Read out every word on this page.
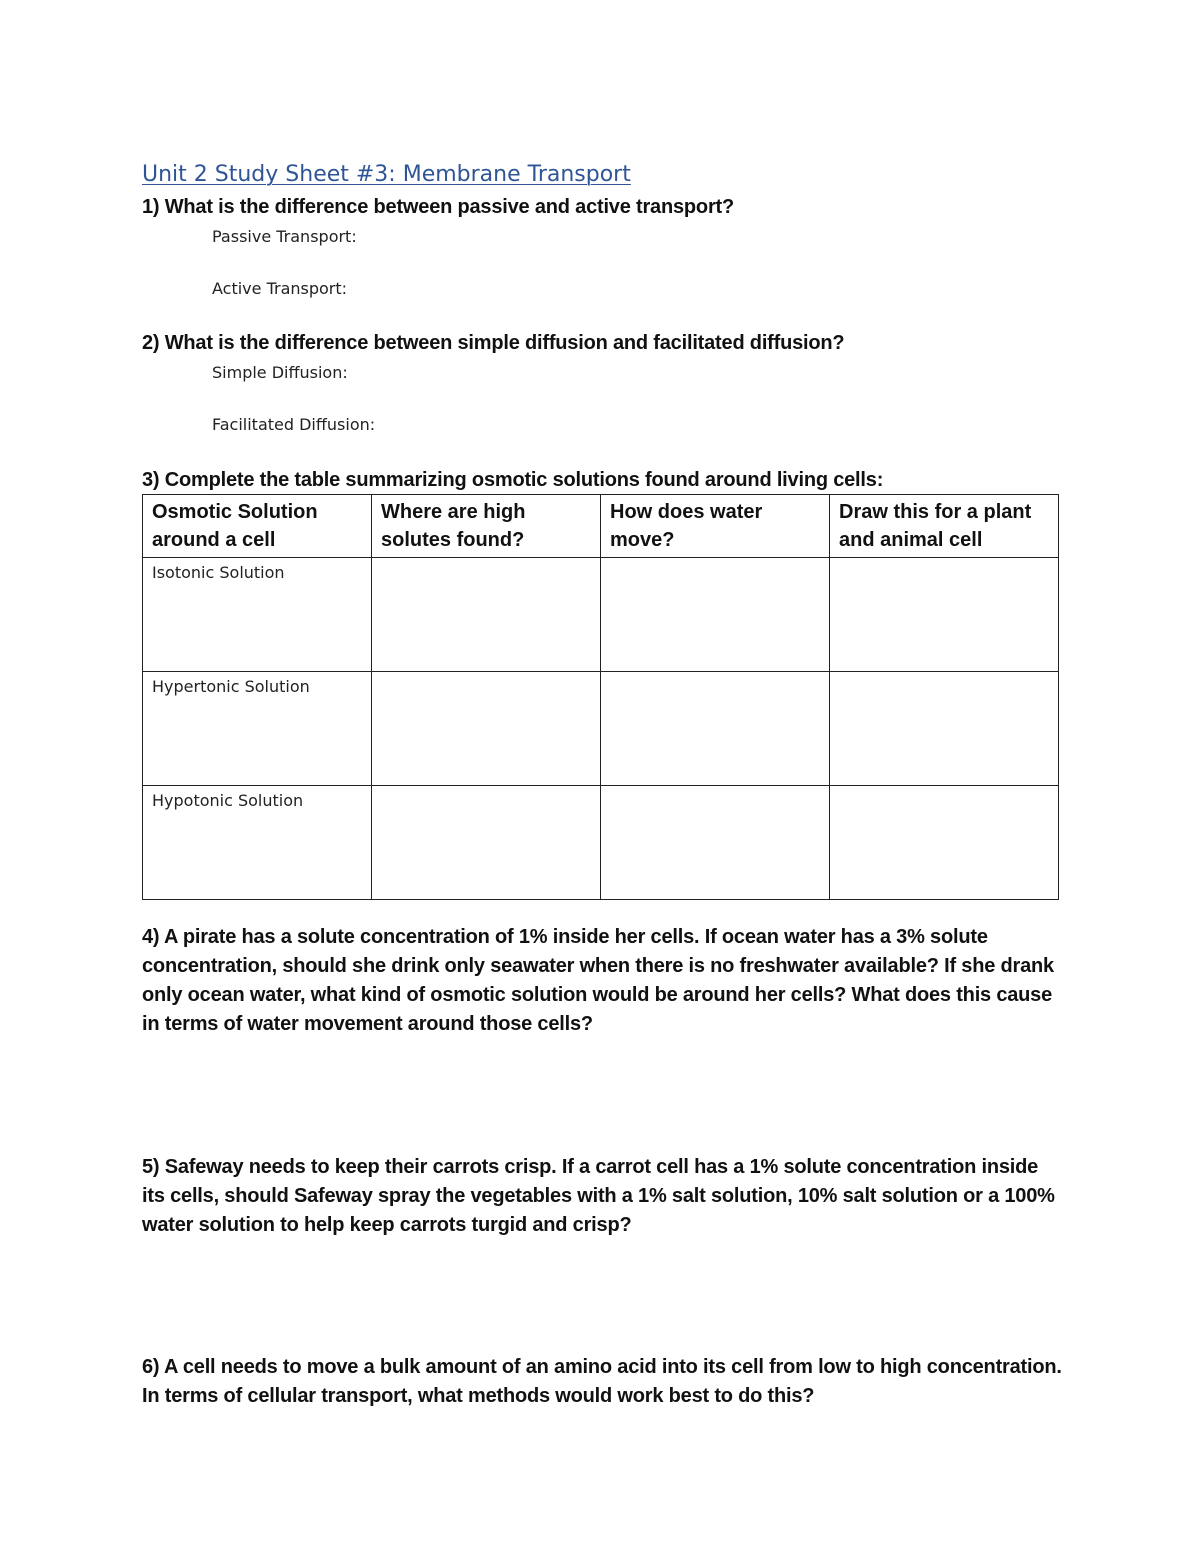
Unit 2 Study Sheet #3: Membrane Transport
1) What is the difference between passive and active transport?
Passive Transport:
Active Transport:
2) What is the difference between simple diffusion and facilitated diffusion?
Simple Diffusion:
Facilitated Diffusion:
3) Complete the table summarizing osmotic solutions found around living cells:
Osmotic Solution around a cell	Where are high solutes found?	How does water move?	Draw this for a plant and animal cell
Isotonic Solution			
Hypertonic Solution			
Hypotonic Solution			
4) A pirate has a solute concentration of 1% inside her cells. If ocean water has a 3% solute concentration, should she drink only seawater when there is no freshwater available? If she drank only ocean water, what kind of osmotic solution would be around her cells? What does this cause in terms of water movement around those cells?
5) Safeway needs to keep their carrots crisp. If a carrot cell has a 1% solute concentration inside its cells, should Safeway spray the vegetables with a 1% salt solution, 10% salt solution or a 100% water solution to help keep carrots turgid and crisp?
6) A cell needs to move a bulk amount of an amino acid into its cell from low to high concentration. In terms of cellular transport, what methods would work best to do this?
